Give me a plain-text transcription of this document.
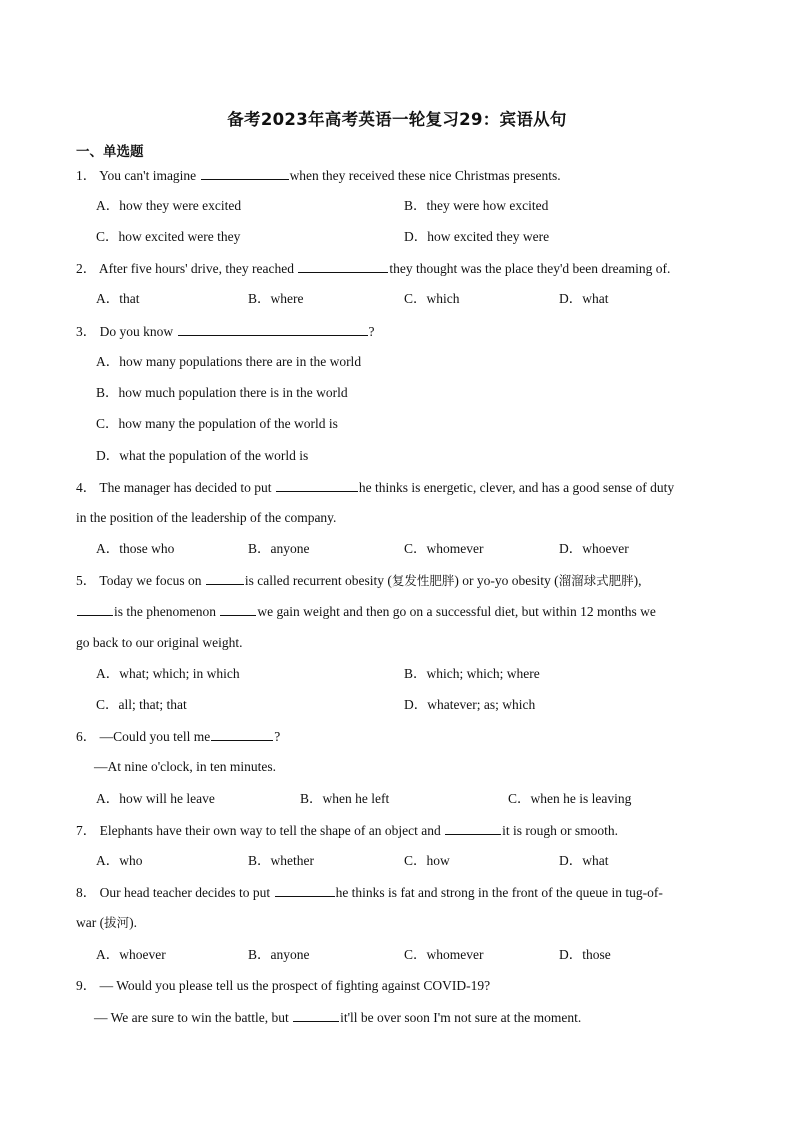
备考2023年高考英语一轮复习29：宾语从句
一、单选题
1． You can't imagine	when they received these nice Christmas presents.
A．how they were excited	B．they were how excited
C．how excited were they	D．how excited they were
2． After five hours' drive, they reached	they thought was the place they'd been dreaming of.
A．that	B．where	C．which	D．what
3． Do you know	?
A．how many populations there are in the world
B．how much population there is in the world
C．how many the population of the world is
D．what the population of the world is
4． The manager has decided to put	he thinks is energetic, clever, and has a good sense of duty
in the position of the leadership of the company.
A．those who	B．anyone	C．whomever	D．whoever
5． Today we focus on	is called recurrent obesity (复发性肥胖) or yo-yo obesity (溜溜球式肥胖),
is the phenomenon	we gain weight and then go on a successful diet, but within 12 months we
go back to our original weight.
A．what; which; in which	B．which; which; where
C．all; that; that	D．whatever; as; which
6． —Could you tell me	?
—At nine o'clock, in ten minutes.
A．how will he leave	B．when he left	C．when he is leaving
7． Elephants have their own way to tell the shape of an object and	it is rough or smooth.
A．who	B．whether	C．how	D．what
8． Our head teacher decides to put	he thinks is fat and strong in the front of the queue in tug-of-
war (拔河).
A．whoever	B．anyone	C．whomever	D．those
9． — Would you please tell us the prospect of fighting against COVID-19?
— We are sure to win the battle, but	it'll be over soon I'm not sure at the moment.
